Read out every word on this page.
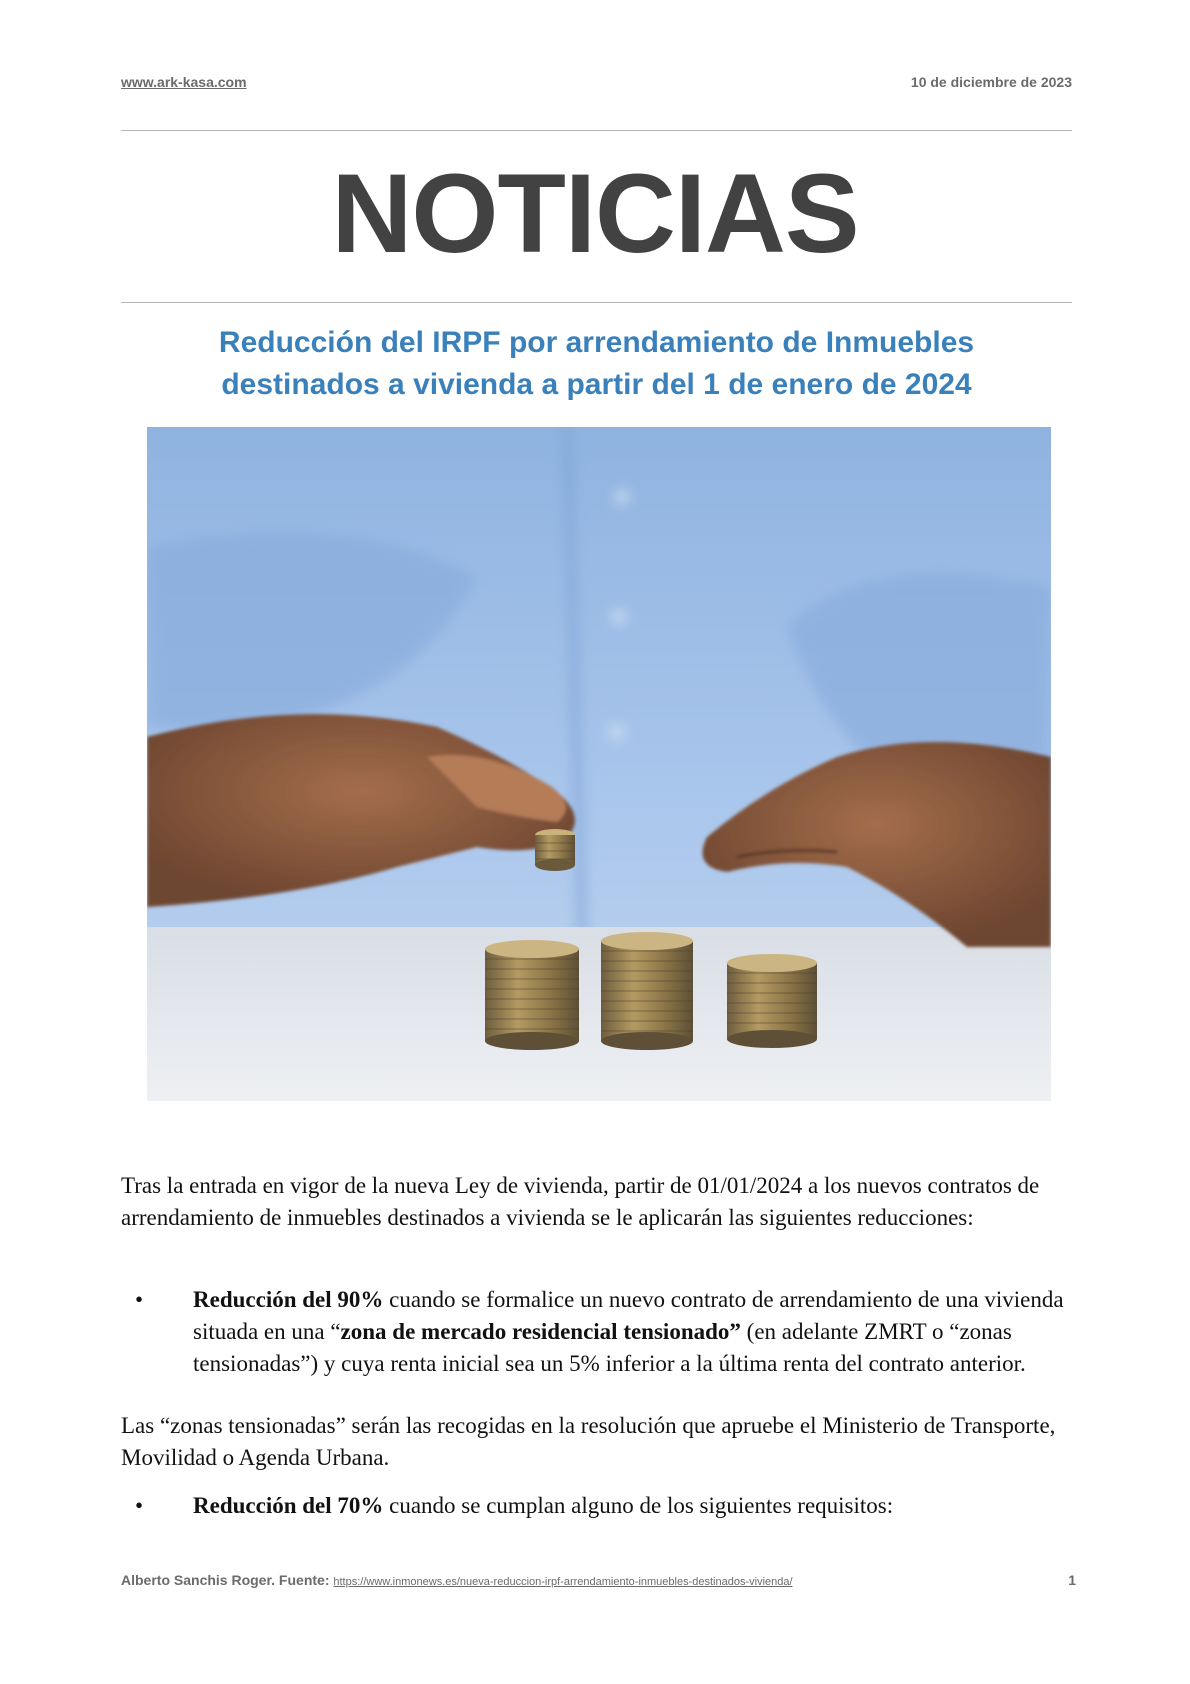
www.ark-kasa.com	10 de diciembre de 2023
NOTICIAS
Reducción del IRPF por arrendamiento de Inmuebles
destinados a vivienda a partir del 1 de enero de 2024
Tras la entrada en vigor de la nueva Ley de vivienda, partir de 01/01/2024 a los nuevos contratos de arrendamiento de inmuebles destinados a vivienda se le aplicarán las siguientes reducciones:
• Reducción del 90% cuando se formalice un nuevo contrato de arrendamiento de una vivienda situada en una “zona de mercado residencial tensionado” (en adelante ZMRT o “zonas tensionadas”) y cuya renta inicial sea un 5% inferior a la última renta del contrato anterior.
Las “zonas tensionadas” serán las recogidas en la resolución que apruebe el Ministerio de Transporte, Movilidad o Agenda Urbana.
• Reducción del 70% cuando se cumplan alguno de los siguientes requisitos:
Alberto Sanchis Roger. Fuente: https://www.inmonews.es/nueva-reduccion-irpf-arrendamiento-inmuebles-destinados-vivienda/	1
